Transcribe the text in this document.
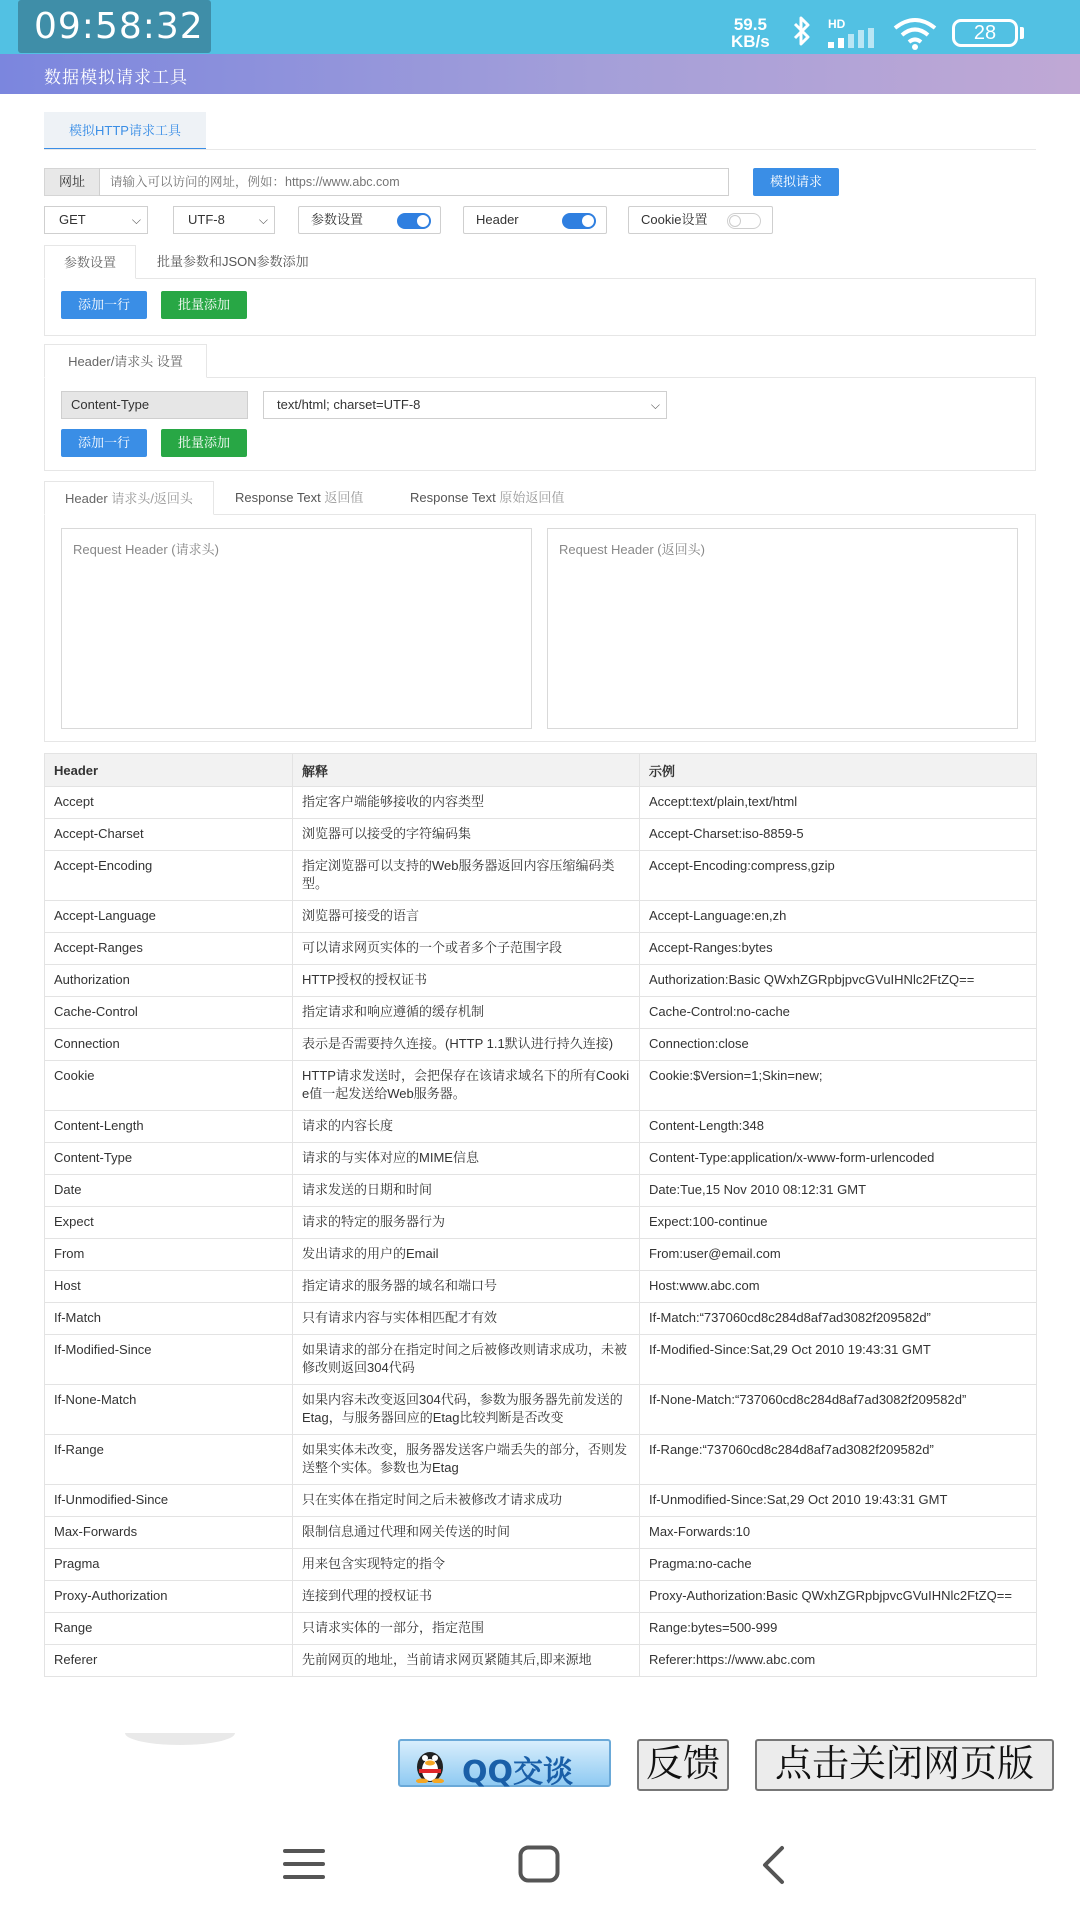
09:58:32	59.5
KB/s
HD	28
数据模拟请求工具
模拟HTTP请求工具
网址
请输入可以访问的网址，例如：https://www.abc.com	模拟请求
GET	⌵	UTF-8	⌵	参数设置	Header	Cookie设置
参数设置	批量参数和JSON参数添加
添加一行	批量添加
Header/请求头 设置
Content-Type	text/html; charset=UTF-8	⌵
添加一行	批量添加
Header 请求头/返回头	Response Text 返回值	Response Text 原始返回值
Request Header (请求头)	Request Header (返回头)
Header	解释	示例
Accept	指定客户端能够接收的内容类型	Accept:text/plain,text/html
Accept-Charset	浏览器可以接受的字符编码集	Accept-Charset:iso-8859-5
Accept-Encoding	指定浏览器可以支持的Web服务器返回内容压缩编码类型。	Accept-Encoding:compress,gzip
Accept-Language	浏览器可接受的语言	Accept-Language:en,zh
Accept-Ranges	可以请求网页实体的一个或者多个子范围字段	Accept-Ranges:bytes
Authorization	HTTP授权的授权证书	Authorization:Basic QWxhZGRpbjpvcGVuIHNlc2FtZQ==
Cache-Control	指定请求和响应遵循的缓存机制	Cache-Control:no-cache
Connection	表示是否需要持久连接。(HTTP 1.1默认进行持久连接)	Connection:close
Cookie	HTTP请求发送时，会把保存在该请求域名下的所有Cookie值一起发送给Web服务器。	Cookie:$Version=1;Skin=new;
Content-Length	请求的内容长度	Content-Length:348
Content-Type	请求的与实体对应的MIME信息	Content-Type:application/x-www-form-urlencoded
Date	请求发送的日期和时间	Date:Tue,15 Nov 2010 08:12:31 GMT
Expect	请求的特定的服务器行为	Expect:100-continue
From	发出请求的用户的Email	From:user@email.com
Host	指定请求的服务器的域名和端口号	Host:www.abc.com
If-Match	只有请求内容与实体相匹配才有效	If-Match:“737060cd8c284d8af7ad3082f209582d”
If-Modified-Since	如果请求的部分在指定时间之后被修改则请求成功，未被修改则返回304代码	If-Modified-Since:Sat,29 Oct 2010 19:43:31 GMT
If-None-Match	如果内容未改变返回304代码，参数为服务器先前发送的Etag，与服务器回应的Etag比较判断是否改变	If-None-Match:“737060cd8c284d8af7ad3082f209582d”
If-Range	如果实体未改变，服务器发送客户端丢失的部分，否则发送整个实体。参数也为Etag	If-Range:“737060cd8c284d8af7ad3082f209582d”
If-Unmodified-Since	只在实体在指定时间之后未被修改才请求成功	If-Unmodified-Since:Sat,29 Oct 2010 19:43:31 GMT
Max-Forwards	限制信息通过代理和网关传送的时间	Max-Forwards:10
Pragma	用来包含实现特定的指令	Pragma:no-cache
Proxy-Authorization	连接到代理的授权证书	Proxy-Authorization:Basic QWxhZGRpbjpvcGVuIHNlc2FtZQ==
Range	只请求实体的一部分，指定范围	Range:bytes=500-999
Referer	先前网页的地址，当前请求网页紧随其后,即来源地	Referer:https://www.abc.com
QQ交谈 反馈	点击关闭网页版
